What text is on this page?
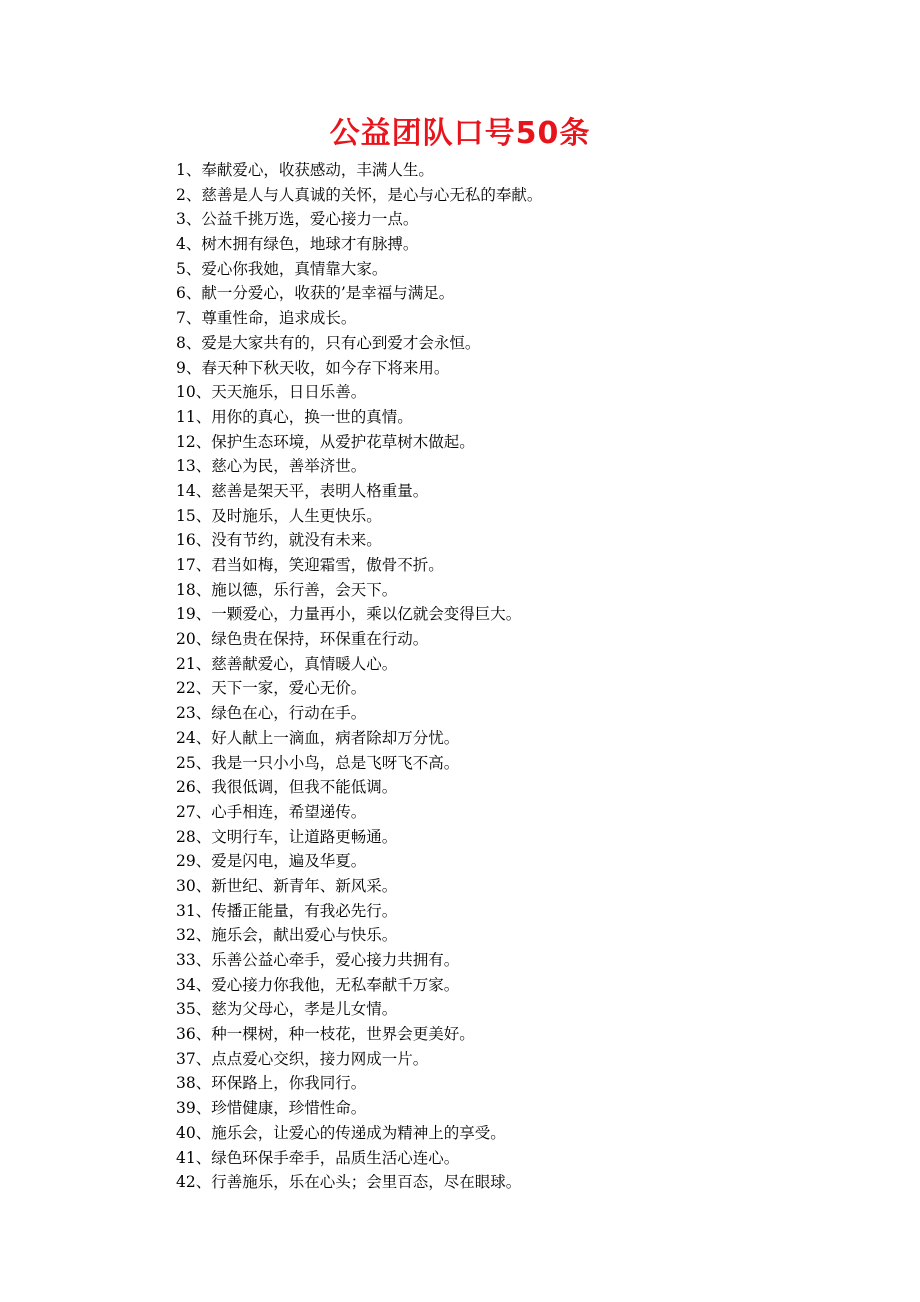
公益团队口号50条
1、奉献爱心，收获感动，丰满人生。
2、慈善是人与人真诚的关怀，是心与心无私的奉献。
3、公益千挑万选，爱心接力一点。
4、树木拥有绿色，地球才有脉搏。
5、爱心你我她，真情靠大家。
6、献一分爱心，收获的’是幸福与满足。
7、尊重性命，追求成长。
8、爱是大家共有的，只有心到爱才会永恒。
9、春天种下秋天收，如今存下将来用。
10、天天施乐，日日乐善。
11、用你的真心，换一世的真情。
12、保护生态环境，从爱护花草树木做起。
13、慈心为民，善举济世。
14、慈善是架天平，表明人格重量。
15、及时施乐，人生更快乐。
16、没有节约，就没有未来。
17、君当如梅，笑迎霜雪，傲骨不折。
18、施以德，乐行善，会天下。
19、一颗爱心，力量再小，乘以亿就会变得巨大。
20、绿色贵在保持，环保重在行动。
21、慈善献爱心，真情暖人心。
22、天下一家，爱心无价。
23、绿色在心，行动在手。
24、好人献上一滴血，病者除却万分忧。
25、我是一只小小鸟，总是飞呀飞不高。
26、我很低调，但我不能低调。
27、心手相连，希望递传。
28、文明行车，让道路更畅通。
29、爱是闪电，遍及华夏。
30、新世纪、新青年、新风采。
31、传播正能量，有我必先行。
32、施乐会，献出爱心与快乐。
33、乐善公益心牵手，爱心接力共拥有。
34、爱心接力你我他，无私奉献千万家。
35、慈为父母心，孝是儿女情。
36、种一棵树，种一枝花，世界会更美好。
37、点点爱心交织，接力网成一片。
38、环保路上，你我同行。
39、珍惜健康，珍惜性命。
40、施乐会，让爱心的传递成为精神上的享受。
41、绿色环保手牵手，品质生活心连心。
42、行善施乐，乐在心头；会里百态，尽在眼球。
